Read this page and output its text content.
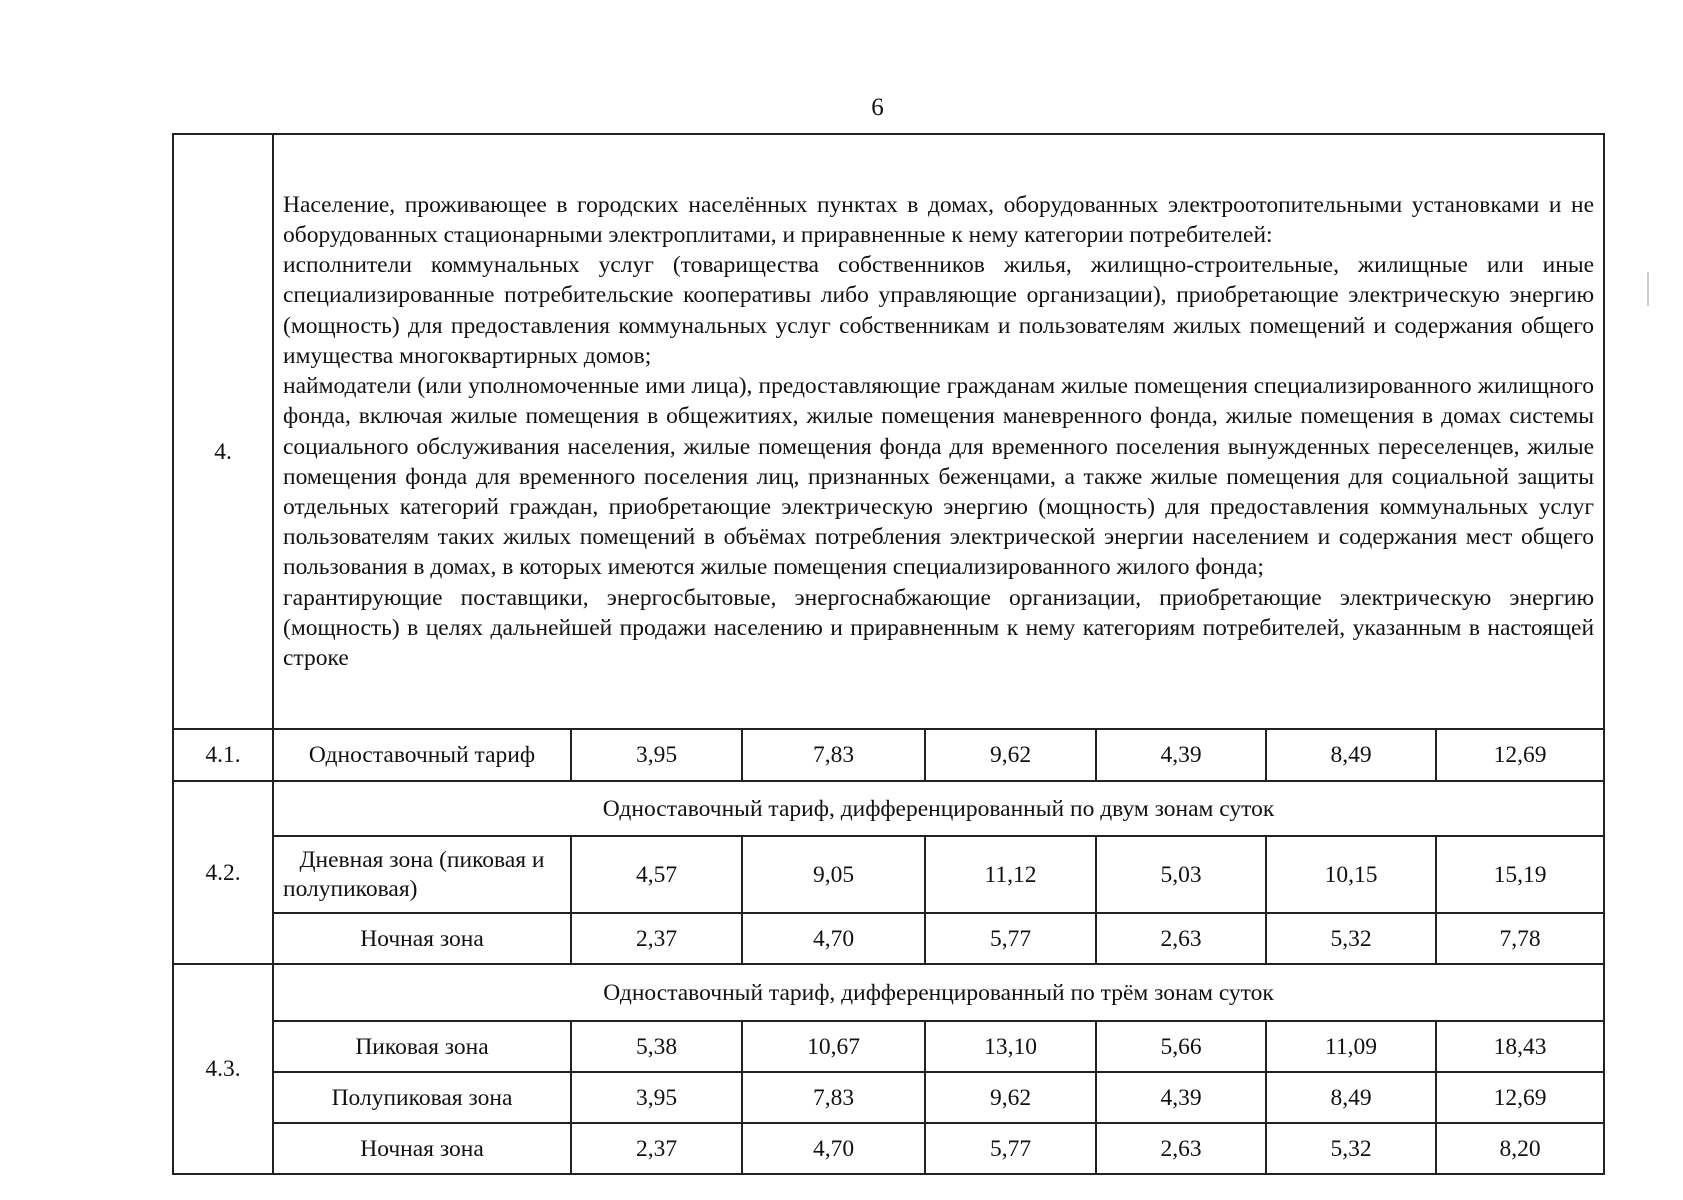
6
4.	Население, проживающее в городских населённых пунктах в домах, оборудованных электроотопительными установками и не оборудованных стационарными электроплитами, и приравненные к нему категории потребителей:

исполнители коммунальных услуг (товарищества собственников жилья, жилищно-строительные, жилищные или иные специализированные потребительские кооперативы либо управляющие организации), приобретающие электрическую энергию (мощность) для предоставления коммунальных услуг собственникам и пользователям жилых помещений и содержания общего имущества многоквартирных домов;

наймодатели (или уполномоченные ими лица), предоставляющие гражданам жилые помещения специализированного жилищного фонда, включая жилые помещения в общежитиях, жилые помещения маневренного фонда, жилые помещения в домах системы социального обслуживания населения, жилые помещения фонда для временного поселения вынужденных переселенцев, жилые помещения фонда для временного поселения лиц, признанных беженцами, а также жилые помещения для социальной защиты отдельных категорий граждан, приобретающие электрическую энергию (мощность) для предоставления коммунальных услуг пользователям таких жилых помещений в объёмах потребления электрической энергии населением и содержания мест общего пользования в домах, в которых имеются жилые помещения специализированного жилого фонда;

гарантирующие поставщики, энергосбытовые, энергоснабжающие организации, приобретающие электрическую энергию (мощность) в целях дальнейшей продажи населению и приравненным к нему категориям потребителей, указанным в настоящей строке						

4.1.	Одноставочный тариф	3,95	7,83	9,62	4,39	8,49	12,69
4.2.	Одноставочный тариф, дифференцированный по двум зонам суток						
	Дневная зона (пиковая и полупиковая)	4,57	9,05	11,12	5,03	10,15	15,19
	Ночная зона	2,37	4,70	5,77	2,63	5,32	7,78
4.3.	Одноставочный тариф, дифференцированный по трём зонам суток						
	Пиковая зона	5,38	10,67	13,10	5,66	11,09	18,43
	Полупиковая зона	3,95	7,83	9,62	4,39	8,49	12,69
	Ночная зона	2,37	4,70	5,77	2,63	5,32	8,20
